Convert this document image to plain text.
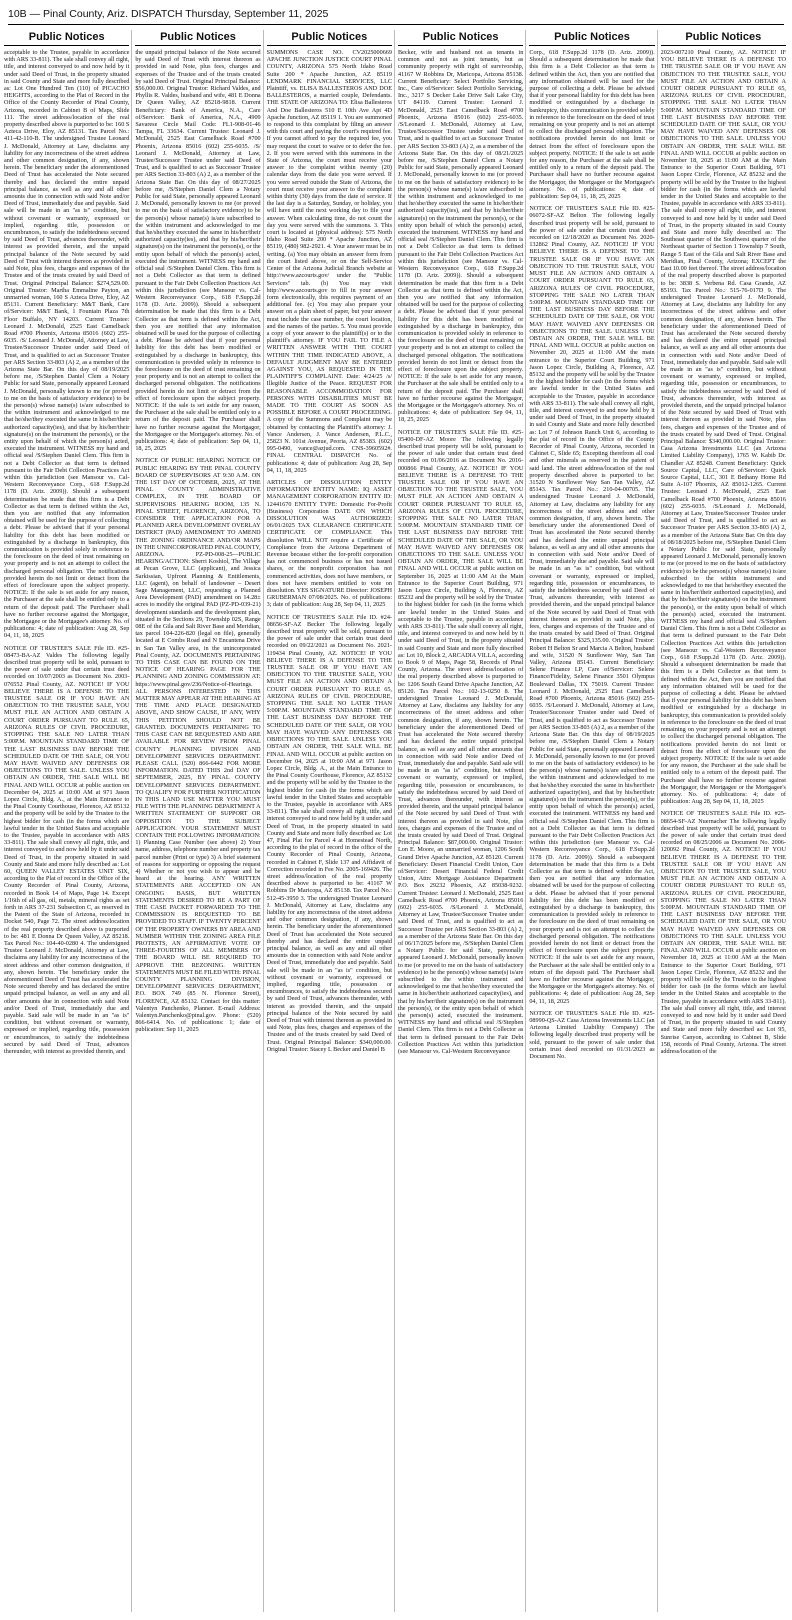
10B — Pinal County, Ariz. DISPATCH Thursday, September 11, 2025
Public Notices

acceptable to the Trustee, payable in accordance with ARS 33-811). The sale shall convey all right, title, and interest conveyed to and now held by it under said Deed of Trust, in the property situated in said County and State and more fully described as: Lot One Hundred Ten (110) of PICACHO HEIGHTS, according to the Plat of Record in the Office of the County Recorder of Pinal County, Arizona, recorded in Cabinet B of Maps, Slide 111. The street address/location of the real property described above is purported to be: 160 S Azteca Drive, Eloy, AZ 85131. Tax Parcel No.: 411-42-110-B. The undersigned Trustee Leonard J. McDonald, Attorney at Law, disclaims any liability for any incorrectness of the street address and other common designation, if any, shown herein. The beneficiary under the aforementioned Deed of Trust has accelerated the Note secured thereby and has declared the entire unpaid principal balance, as well as any and all other amounts due in connection with said Note and/or Deed of Trust, immediately due and payable. Said sale will be made in an "as is" condition, but without covenant or warranty, expressed or implied, regarding title, possession or encumbrances, to satisfy the indebtedness secured by said Deed of Trust, advances thereunder, with interest as provided therein, and the unpaid principal balance of the Note secured by said Deed of Trust with interest thereon as provided in said Note, plus fees, charges and expenses of the Trustee and of the trusts created by said Deed of Trust. Original Principal Balance: $274,529.00. Original Trustor: Martha Emmaline Payton, an unmarried woman, 160 S Azteca Drive, Eloy, AZ 85131. Current Beneficiary: M&T Bank, Care of/Servicer: M&T Bank, 1 Fountain Plaza 7th Floor Buffalo, NY 14203. Current Trustee: Leonard J. McDonald, 2525 East Camelback Road #700 Phoenix, Arizona 85016 (602) 255-6035. /S/ Leonard J. McDonald, Attorney at Law, Trustee/Successor Trustee under said Deed of Trust, and is qualified to act as Successor Trustee per ARS Section 33-803 (A) 2, as a member of the Arizona State Bar. On this day of 08/19/2025 before me, /S/Stephen Daniel Clem a Notary Public for said State, personally appeared Leonard J. McDonald, personally known to me (or proved to me on the basis of satisfactory evidence) to be the person(s) whose name(s) is/are subscribed to the within instrument and acknowledged to me that he/she/they executed the same in his/her/their authorized capacity(ies), and that by his/her/their signature(s) on the instrument the person(s), or the entity upon behalf of which the person(s) acted, executed the instrument. WITNESS my hand and official seal /S/Stephen Daniel Clem. This firm is not a Debt Collector as that term is defined pursuant to the Fair Debt Collection Practices Act within this jurisdiction (see Mansour vs. Cal-Western Reconveyance Corp., 618 F.Supp.2d 1178 (D. Ariz. 2009)). Should a subsequent determination be made that this firm is a Debt Collector as that term is defined within the Act, then you are notified that any information obtained will be used for the purpose of collecting a debt. Please be advised that if your personal liability for this debt has been modified or extinguished by a discharge in bankruptcy, this communication is provided solely in reference to the foreclosure on the deed of trust remaining on your property and is not an attempt to collect the discharged personal obligation. The notifications provided herein do not limit or detract from the effect of foreclosure upon the subject property. NOTICE: If the sale is set aside for any reason, the Purchaser at the sale shall be entitled only to a return of the deposit paid. The Purchaser shall have no further recourse against the Mortgagor, the Mortgagee or the Mortgagee's attorney. No. of publications: 4; date of publication: Aug 28, Sep 04, 11, 18, 2025

NOTICE OF TRUSTEE'S SALE File ID. #25-08473-BA-AZ Valdes The following legally described trust property will be sold, pursuant to the power of sale under that certain trust deed recorded on 10/07/2003 as Document No. 2003-076552 Pinal County, AZ. NOTICE! IF YOU BELIEVE THERE IS A DEFENSE TO THE TRUSTEE SALE OR IF YOU HAVE AN OBJECTION TO THE TRUSTEE SALE, YOU MUST FILE AN ACTION AND OBTAIN A COURT ORDER PURSUANT TO RULE 65, ARIZONA RULES OF CIVIL PROCEDURE, STOPPING THE SALE NO LATER THAN 5:00P.M. MOUNTAIN STANDARD TIME OF THE LAST BUSINESS DAY BEFORE THE SCHEDULED DATE OF THE SALE, OR YOU MAY HAVE WAIVED ANY DEFENSES OR OBJECTIONS TO THE SALE. UNLESS YOU OBTAIN AN ORDER, THE SALE WILL BE FINAL AND WILL OCCUR at public auction on December 04, 2025 at 10:00 AM at 971 Jason Lopez Circle, Bldg. A., at the Main Entrance to the Pinal County Courthouse, Florence, AZ 85132 and the property will be sold by the Trustee to the highest bidder for cash (in the forms which are lawful tender in the United States and acceptable to the Trustee, payable in accordance with ARS 33-811). The sale shall convey all right, title, and interest conveyed to and now held by it under said Deed of Trust, in the property situated in said County and State and more fully described as: Lot 60, QUEEN VALLEY ESTATES UNIT SIX, according to the Plat of record in the Office of the County Recorder of Pinal County, Arizona, recorded in Book 14 of Maps, Page 14. Except 1/16th of all gas, oil, metals, mineral rights as set forth in ARS 37-231 Subsection C, as reserved in the Patent of the State of Arizona, recorded in Docket 540, Page 72. The street address/location of the real property described above is purported to be: 481 E Donna Dr Queen Valley, AZ 85218. Tax Parcel No.: 104-40-0280 4. The undersigned Trustee Leonard J. McDonald, Attorney at Law, disclaims any liability for any incorrectness of the street address and other common designation, if any, shown herein. The beneficiary under the aforementioned Deed of Trust has accelerated the Note secured thereby and has declared the entire unpaid principal balance, as well as any and all other amounts due in connection with said Note and/or Deed of Trust, immediately due and payable. Said sale will be made in an "as is" condition, but without covenant or warranty, expressed or implied, regarding title, possession or encumbrances, to satisfy the indebtedness secured by said Deed of Trust, advances thereunder, with interest as provided therein, and

Public Notices

the unpaid principal balance of the Note secured by said Deed of Trust with interest thereon as provided in said Note, plus fees, charges and expenses of the Trustee and of the trusts created by said Deed of Trust. Original Principal Balance: $56,000.00. Original Trustor: Richard Valdes, and Phyllis R. Valdes, husband and wife, 481 E Donna Dr Queen Valley, AZ 85218-9818. Current Beneficiary: Bank of America, N.A., Care of/Servicer: Bank of America, N.A., 4909 Savarese Circle Mail Code: FL1-908-01-46 Tampa, FL 33634. Current Trustee: Leonard J. McDonald, 2525 East Camelback Road #700 Phoenix, Arizona 85016 (602) 255-6035. /S/ Leonard J. McDonald, Attorney at Law, Trustee/Successor Trustee under said Deed of Trust, and is qualified to act as Successor Trustee per ARS Section 33-803 (A) 2, as a member of the Arizona State Bar. On this day of 08/27/2025 before me, /S/Stephen Daniel Clem a Notary Public for said State, personally appeared Leonard J. McDonald, personally known to me (or proved to me on the basis of satisfactory evidence) to be the person(s) whose name(s) is/are subscribed to the within instrument and acknowledged to me that he/she/they executed the same in his/her/their authorized capacity(ies), and that by his/her/their signature(s) on the instrument the person(s), or the entity upon behalf of which the person(s) acted, executed the instrument. WITNESS my hand and official seal /S/Stephen Daniel Clem. This firm is not a Debt Collector as that term is defined pursuant to the Fair Debt Collection Practices Act within this jurisdiction (see Mansour vs. Cal-Western Reconveyance Corp., 618 F.Supp.2d 1178 (D. Ariz. 2009)). Should a subsequent determination be made that this firm is a Debt Collector as that term is defined within the Act, then you are notified that any information obtained will be used for the purpose of collecting a debt. Please be advised that if your personal liability for this debt has been modified or extinguished by a discharge in bankruptcy, this communication is provided solely in reference to the foreclosure on the deed of trust remaining on your property and is not an attempt to collect the discharged personal obligation. The notifications provided herein do not limit or detract from the effect of foreclosure upon the subject property. NOTICE: If the sale is set aside for any reason, the Purchaser at the sale shall be entitled only to a return of the deposit paid. The Purchaser shall have no further recourse against the Mortgagor, the Mortgagee or the Mortgagee's attorney. No. of publications: 4; date of publication: Sep 04, 11, 18, 25, 2025

NOTICE OF PUBLIC HEARING NOTICE OF PUBLIC HEARING BY THE PINAL COUNTY BOARD OF SUPERVISORS AT 9:30 A.M. ON THE 1ST DAY OF OCTOBER, 2025, AT THE PINAL COUNTY ADMINISTRATIVE COMPLEX, IN THE BOARD OF SUPERVISORS HEARING ROOM, 135 N. PINAL STREET, FLORENCE, ARIZONA, TO CONSIDER THE APPLICATION FOR A PLANNED AREA DEVELOPMENT OVERLAY DISTRICT (PAD) AMENDMENT TO AMEND THE ZONING ORDINANCE AND/OR MAPS IN THE UNINCORPORATED PINAL COUNTY, ARIZONA. PZ-PD-008-25—PUBLIC HEARING/ACTION: Sherri Koshiol, The Village at Pecan Grove, LLC (applicant), and Jessica Sarkissian, Upfront Planning & Entitlements, LLC (agent), on behalf of landowner – Desert Sage Management, LLC, requesting a Planned Area Development (PAD) amendment on 14.28± acres to modify the original PAD (PZ-PD-039-21) development standards and the development plan, situated in the Sections 29, Township 02S, Range 08E of the Gila and Salt River Base and Meridian, tax parcel 104-226-820 (legal on file), generally located at E Combs Road and N Encantena Drive in San Tan Valley area, in the unincorporated Pinal County, AZ. DOCUMENTS PERTAINING TO THIS CASE CAN BE FOUND ON THE NOTICE OF HEARING PAGE FOR THE PLANNING AND ZONING COMMISSION AT: https://www.pinal.gov/236/Notice-of-Hearings. ALL PERSONS INTERESTED IN THIS MATTER MAY APPEAR AT THE HEARING AT THE TIME AND PLACE DESIGNATED ABOVE, AND SHOW CAUSE, IF ANY, WHY THIS PETITION SHOULD NOT BE GRANTED. DOCUMENTS PERTAINING TO THIS CASE CAN BE REQUESTED AND ARE AVAILABLE FOR REVIEW FROM PINAL COUNTY PLANNING DIVISION AND DEVELOPMENT SERVICES DEPARTMENT. PLEASE CALL (520) 866-6442 FOR MORE INFORMATION. DATED THIS 2nd DAY OF SEPTEMBER, 2025, BY PINAL COUNTY DEVELOPMENT SERVICES DEPARTMENT. TO QUALIFY FOR FURTHER NOTIFICATION IN THIS LAND USE MATTER YOU MUST FILE WITH THE PLANNING DEPARTMENT A WRITTEN STATEMENT OF SUPPORT OR OPPOSITION TO THE SUBJECT APPLICATION. YOUR STATEMENT MUST CONTAIN THE FOLLOWING INFORMATION: 1) Planning Case Number (see above) 2) Your name, address, telephone number and property tax parcel number (Print or type) 3) A brief statement of reasons for supporting or opposing the request 4) Whether or not you wish to appear and be heard at the hearing. ANY WRITTEN STATEMENTS ARE ACCEPTED ON AN ONGOING BASIS, BUT WRITTEN STATEMENTS DESIRED TO BE A PART OF THE CASE PACKET FORWARDED TO THE COMMISSION IS REQUESTED TO BE PROVIDED TO STAFF. IF TWENTY PERCENT OF THE PROPERTY OWNERS BY AREA AND NUMBER WITHIN THE ZONING AREA FILE PROTESTS, AN AFFIRMATIVE VOTE OF THREE-FOURTHS OF ALL MEMBERS OF THE BOARD WILL BE REQUIRED TO APPROVE THE REZONING. WRITTEN STATEMENTS MUST BE FILED WITH: PINAL COUNTY PLANNING DIVISION, DEVELOPMENT SERVICES DEPARTMENT, P.O. BOX 749 (85 N. Florence Street), FLORENCE, AZ 85132. Contact for this matter: Valentyn Panchenko, Planner. E-mail Address: Valentyn.Panchenko@pinal.gov. Phone: (520) 866-6414. No. of publications: 1; date of publication: Sep 11, 2025

Public Notices

SUMMONS CASE NO. CV2025000669 APACHE JUNCTION JUSTICE COURT PINAL COUNTY, ARIZONA 575 North Idaho Road Suite 200 * Apache Junction, AZ 85119 LENDMARK FINANCIAL SERVICES, LLC Plaintiff, vs. ELISA BALLESTEROS AND DOE BALLESTEROS, a married couple, Defendants. THE STATE OF ARIZONA TO: Elisa Ballesteros And Doe Ballesteros 510 E 10th Ave Apt 4D Apache Junction, AZ 85119 1. You are summoned to respond to this complaint by filing an answer with this court and paying the court's required fee. If you cannot afford to pay the required fee, you may request the court to waive or to defer the fee. 2. If you were served with this summons in the State of Arizona, the court must receive your answer to the complaint within twenty (20) calendar days from the date you were served. If you were served outside the State of Arizona, the court must receive your answer to the complaint within thirty (30) days from the date of service. If the last day is a Saturday, Sunday, or holiday, you will have until the next working day to file your answer. When calculating time, do not count the day you were served with the summons. 3. This court is located at (physical address): 575 North Idaho Road Suite 200 * Apache Junction, AZ 85119, (480) 982-2921. 4. Your answer must be in writing. (a) You may obtain an answer form from the court listed above, or on the Self-Service Center of the Arizona Judicial Branch website at http://www.azcourts.gov/ under the "Public Services" tab. (b) You may visit http://www.azcourts.gov to fill in your answer form electronically, this requires payment of an additional fee. (c) You may also prepare your answer on a plain sheet of paper, but your answer must include the case number, the court location, and the names of the parties. 5. You must provide a copy of your answer to the plaintiff(s) or to the plaintiff's attorney. IF YOU FAIL TO FILE A WRITTEN ANSWER WITH THE COURT WITHIN THE TIME INDICATED ABOVE, A DEFAULT JUDGMENT MAY BE ENTERED AGAINST YOU, AS REQUESTED IN THE PLAINTIFF'S COMPLAINT. Date: 4/24/25 /s/ Illegible Justice of the Peace. REQUEST FOR REASONABLE ACCOMMODATION FOR PERSONS WITH DISABILITIES MUST BE MADE TO THE COURT AS SOON AS POSSIBLE BEFORE A COURT PROCEEDING. A copy of the Summons and Complaint may be obtained by contacting the Plaintiff's attorney: J. Vance Andersen, J. Vance Andersen, P.L.C., 25823 N. 101st Avenue, Peoria, AZ 85383. (602) 995-0490, vance@azjud.com. CNS-3960592#. FINAL CENTRAL DISPATCH No. of publications: 4; date of publication: Aug 28, Sep 04, 11, 18, 2025

ARTICLES OF DISSOLUTION ENTITY INFORMATION ENTITY NAME: IQ ASSET MANAGEMENT CORPORATION ENTITY ID: 12441670 ENTITY TYPE: Domestic For-Profit (Business) Corporation DATE ON WHICH DISSOLUTION WAS AUTHORIZED: 06/01/2025 TAX CLEARANCE CERTIFICATE CERTIFICATE OF COMPLIANCE This dissolution WILL NOT require a Certificate of Compliance from the Arizona Department of Revenue because either the for-profit corporation has not commenced business or has not issued shares, or the nonprofit corporation has not commenced activities, does not have members, or does not have members entitled to vote on dissolution. YES SIGNATURE Director: JOSEPH GRUBERMAN 07/08/2025. No. of publications: 3; date of publication: Aug 28, Sep 04, 11, 2025

NOTICE OF TRUSTEE'S SALE File ID. #24-08656-SF-AZ Becker The following legally described trust property will be sold, pursuant to the power of sale under that certain trust deed recorded on 09/22/2021 as Document No. 2021-119434 Pinal County, AZ. NOTICE! IF YOU BELIEVE THERE IS A DEFENSE TO THE TRUSTEE SALE OR IF YOU HAVE AN OBJECTION TO THE TRUSTEE SALE, YOU MUST FILE AN ACTION AND OBTAIN A COURT ORDER PURSUANT TO RULE 65, ARIZONA RULES OF CIVIL PROCEDURE, STOPPING THE SALE NO LATER THAN 5:00P.M. MOUNTAIN STANDARD TIME OF THE LAST BUSINESS DAY BEFORE THE SCHEDULED DATE OF THE SALE, OR YOU MAY HAVE WAIVED ANY DEFENSES OR OBJECTIONS TO THE SALE. UNLESS YOU OBTAIN AN ORDER, THE SALE WILL BE FINAL AND WILL OCCUR at public auction on December 04, 2025 at 10:00 AM at 971 Jason Lopez Circle, Bldg. A., at the Main Entrance to the Pinal County Courthouse, Florence, AZ 85132 and the property will be sold by the Trustee to the highest bidder for cash (in the forms which are lawful tender in the United States and acceptable to the Trustee, payable in accordance with ARS 33-811). The sale shall convey all right, title, and interest conveyed to and now held by it under said Deed of Trust, in the property situated in said County and State and more fully described as: Lot 47, Final Plat for Parcel 4 at Homestead North, according to the plat of record in the office of the County Recorder of Pinal County, Arizona, recorded in Cabinet F, Slide 137 and Affidavit of Correction recorded in Fee No. 2005-169426. The street address/location of the real property described above is purported to be: 41167 W Robbins Dr Maricopa, AZ 85138. Tax Parcel No.: 512-45-3950 3. The undersigned Trustee Leonard J. McDonald, Attorney at Law, disclaims any liability for any incorrectness of the street address and other common designation, if any, shown herein. The beneficiary under the aforementioned Deed of Trust has accelerated the Note secured thereby and has declared the entire unpaid principal balance, as well as any and all other amounts due in connection with said Note and/or Deed of Trust, immediately due and payable. Said sale will be made in an "as is" condition, but without covenant or warranty, expressed or implied, regarding title, possession or encumbrances, to satisfy the indebtedness secured by said Deed of Trust, advances thereunder, with interest as provided therein, and the unpaid principal balance of the Note secured by said Deed of Trust with interest thereon as provided in said Note, plus fees, charges and expenses of the Trustee and of the trusts created by said Deed of Trust. Original Principal Balance: $340,000.00. Original Trustor: Stacey L Becker and Daniel B

Public Notices

Becker, wife and husband not as tenants in common and not as joint tenants, but as community property with right of survivorship, 41167 W Robbins Dr, Maricopa, Arizona 85138. Current Beneficiary: Select Portfolio Servicing, Inc., Care of/Servicer: Select Portfolio Servicing, Inc., 3217 S Decker Lake Drive Salt Lake City, UT 84119. Current Trustee: Leonard J. McDonald, 2525 East Camelback Road #700 Phoenix, Arizona 85016 (602) 255-6035. /S/Leonard J. McDonald, Attorney at Law, Trustee/Successor Trustee under said Deed of Trust, and is qualified to act as Successor Trustee per ARS Section 33-803 (A) 2, as a member of the Arizona State Bar. On this day of 08/21/2025 before me, /S/Stephen Daniel Clem a Notary Public for said State, personally appeared Leonard J. McDonald, personally known to me (or proved to me on the basis of satisfactory evidence) to be the person(s) whose name(s) is/are subscribed to the within instrument and acknowledged to me that he/she/they executed the same in his/her/their authorized capacity(ies), and that by his/her/their signature(s) on the instrument the person(s), or the entity upon behalf of which the person(s) acted, executed the instrument. WITNESS my hand and official seal /S/Stephen Daniel Clem. This firm is not a Debt Collector as that term is defined pursuant to the Fair Debt Collection Practices Act within this jurisdiction (see Mansour vs. Cal-Western Reconveyance Corp., 618 F.Supp.2d 1178 (D. Ariz. 2009)). Should a subsequent determination be made that this firm is a Debt Collector as that term is defined within the Act, then you are notified that any information obtained will be used for the purpose of collecting a debt. Please be advised that if your personal liability for this debt has been modified or extinguished by a discharge in bankruptcy, this communication is provided solely in reference to the foreclosure on the deed of trust remaining on your property and is not an attempt to collect the discharged personal obligation. The notifications provided herein do not limit or detract from the effect of foreclosure upon the subject property. NOTICE: If the sale is set aside for any reason, the Purchaser at the sale shall be entitled only to a return of the deposit paid. The Purchaser shall have no further recourse against the Mortgagor, the Mortgagee or the Mortgagee's attorney. No. of publications: 4; date of publication: Sep 04, 11, 18, 25, 2025

NOTICE OF TRUSTEE'S SALE File ID. #25-05400-DF-AZ Moore The following legally described trust property will be sold, pursuant to the power of sale under that certain trust deed recorded on 01/06/2016 as Document No. 2016-000866 Pinal County, AZ. NOTICE! IF YOU BELIEVE THERE IS A DEFENSE TO THE TRUSTEE SALE OR IF YOU HAVE AN OBJECTION TO THE TRUSTEE SALE, YOU MUST FILE AN ACTION AND OBTAIN A COURT ORDER PURSUANT TO RULE 65, ARIZONA RULES OF CIVIL PROCEDURE, STOPPING THE SALE NO LATER THAN 5:00P.M. MOUNTAIN STANDARD TIME OF THE LAST BUSINESS DAY BEFORE THE SCHEDULED DATE OF THE SALE, OR YOU MAY HAVE WAIVED ANY DEFENSES OR OBJECTIONS TO THE SALE. UNLESS YOU OBTAIN AN ORDER, THE SALE WILL BE FINAL AND WILL OCCUR at public auction on September 16, 2025 at 11:00 AM At the Main Entrance to the Superior Court Building, 971 Jason Lopez Circle, Building A, Florence, AZ 85232 and the property will be sold by the Trustee to the highest bidder for cash (in the forms which are lawful tender in the United States and acceptable to the Trustee, payable in accordance with ARS 33-811). The sale shall convey all right, title, and interest conveyed to and now held by it under said Deed of Trust, in the property situated in said County and State and more fully described as: Lot 10, Block 2, ARCADIA VILLA, according to Book 9 of Maps, Page 58, Records of Pinal County, Arizona. The street address/location of the real property described above is purported to be: 1206 South Grand Drive Apache Junction, AZ 85120. Tax Parcel No.: 102-13-0250 8. The undersigned Trustee Leonard J. McDonald, Attorney at Law, disclaims any liability for any incorrectness of the street address and other common designation, if any, shown herein. The beneficiary under the aforementioned Deed of Trust has accelerated the Note secured thereby and has declared the entire unpaid principal balance, as well as any and all other amounts due in connection with said Note and/or Deed of Trust, immediately due and payable. Said sale will be made in an "as is" condition, but without covenant or warranty, expressed or implied, regarding title, possession or encumbrances, to satisfy the indebtedness secured by said Deed of Trust, advances thereunder, with interest as provided therein, and the unpaid principal balance of the Note secured by said Deed of Trust with interest thereon as provided in said Note, plus fees, charges and expenses of the Trustee and of the trusts created by said Deed of Trust. Original Principal Balance: $87,000.00. Original Trustor: Lon E. Moore, an unmarried woman, 1206 South Grand Drive Apache Junction, AZ 85120. Current Beneficiary: Desert Financial Credit Union, Care of/Servicer: Desert Financial Federal Credit Union, Attn: Mortgage Assistance Department P.O. Box 29232 Phoenix, AZ 85038-9232. Current Trustee: Leonard J. McDonald, 2525 East Camelback Road #700 Phoenix, Arizona 85016 (602) 255-6035. /S/Leonard J. McDonald, Attorney at Law, Trustee/Successor Trustee under said Deed of Trust, and is qualified to act as Successor Trustee per ARS Section 33-803 (A) 2, as a member of the Arizona State Bar. On this day of 06/17/2025 before me, /S/Stephen Daniel Clem a Notary Public for said State, personally appeared Leonard J. McDonald, personally known to me (or proved to me on the basis of satisfactory evidence) to be the person(s) whose name(s) is/are subscribed to the within instrument and acknowledged to me that he/she/they executed the same in his/her/their authorized capacity(ies), and that by his/her/their signature(s) on the instrument the person(s), or the entity upon behalf of which the person(s) acted, executed the instrument. WITNESS my hand and official seal /S/Stephen Daniel Clem. This firm is not a Debt Collector as that term is defined pursuant to the Fair Debt Collection Practices Act within this jurisdiction (see Mansour vs. Cal-Western Reconveyance

Public Notices

Corp., 618 F.Supp.2d 1178 (D. Ariz. 2009)). Should a subsequent determination be made that this firm is a Debt Collector as that term is defined within the Act, then you are notified that any information obtained will be used for the purpose of collecting a debt. Please be advised that if your personal liability for this debt has been modified or extinguished by a discharge in bankruptcy, this communication is provided solely in reference to the foreclosure on the deed of trust remaining on your property and is not an attempt to collect the discharged personal obligation. The notifications provided herein do not limit or detract from the effect of foreclosure upon the subject property. NOTICE: If the sale is set aside for any reason, the Purchaser at the sale shall be entitled only to a return of the deposit paid. The Purchaser shall have no further recourse against the Mortgagor, the Mortgagee or the Mortgagee's attorney. No. of publications: 4; date of publication: Sep 04, 11, 18, 25, 2025

NOTICE OF TRUSTEE'S SALE File ID. #25-06072-SF-AZ Belton The following legally described trust property will be sold, pursuant to the power of sale under that certain trust deed recorded on 12/18/2020 as Document No. 2020-132862 Pinal County, AZ. NOTICE! IF YOU BELIEVE THERE IS A DEFENSE TO THE TRUSTEE SALE OR IF YOU HAVE AN OBJECTION TO THE TRUSTEE SALE, YOU MUST FILE AN ACTION AND OBTAIN A COURT ORDER PURSUANT TO RULE 65, ARIZONA RULES OF CIVIL PROCEDURE, STOPPING THE SALE NO LATER THAN 5:00P.M. MOUNTAIN STANDARD TIME OF THE LAST BUSINESS DAY BEFORE THE SCHEDULED DATE OF THE SALE, OR YOU MAY HAVE WAIVED ANY DEFENSES OR OBJECTIONS TO THE SALE. UNLESS YOU OBTAIN AN ORDER, THE SALE WILL BE FINAL AND WILL OCCUR at public auction on November 20, 2025 at 11:00 AM the main entrance to the Superior Court Building, 971 Jason Lopez Circle, Building A, Florence, AZ 85132 and the property will be sold by the Trustee to the highest bidder for cash (in the forms which are lawful tender in the United States and acceptable to the Trustee, payable in accordance with ARS 33-811). The sale shall convey all right, title, and interest conveyed to and now held by it under said Deed of Trust, in the property situated in said County and State and more fully described as: Lot 7 of Johnson Ranch Unit 6, according to the plat of record in the Office of the County Recorder of Pinal County, Arizona, recorded in Cabinet C, Slide 65; Excepting therefrom all coal and other minerals as reserved in the patent of said land. The street address/location of the real property described above is purported to be: 31520 N Sunflower Way San Tan Valley, AZ 85143. Tax Parcel No.: 210-04-00705. The undersigned Trustee Leonard J. McDonald, Attorney at Law, disclaims any liability for any incorrectness of the street address and other common designation, if any, shown herein. The beneficiary under the aforementioned Deed of Trust has accelerated the Note secured thereby and has declared the entire unpaid principal balance, as well as any and all other amounts due in connection with said Note and/or Deed of Trust, immediately due and payable. Said sale will be made in an "as is" condition, but without covenant or warranty, expressed or implied, regarding title, possession or encumbrances, to satisfy the indebtedness secured by said Deed of Trust, advances thereunder, with interest as provided therein, and the unpaid principal balance of the Note secured by said Deed of Trust with interest thereon as provided in said Note, plus fees, charges and expenses of the Trustee and of the trusts created by said Deed of Trust. Original Principal Balance: $325,135.00. Original Trustor: Robert H Belton Sr and Marcia A Belton, husband and wife, 31520 N Sunflower Way, San Tan Valley, Arizona 85143. Current Beneficiary: Selene Finance LP, Care of/Servicer: Selene Finance/Fidelity, Selene Finance 3501 Olympus Boulevard Dallas, TX 75019. Current Trustee: Leonard J. McDonald, 2525 East Camelback Road #700 Phoenix, Arizona 85016 (602) 255-6035. /S/Leonard J. McDonald, Attorney at Law, Trustee/Successor Trustee under said Deed of Trust, and is qualified to act as Successor Trustee per ARS Section 33-803 (A) 2, as a member of the Arizona State Bar. On this day of 08/19/2025 before me, /S/Stephen Daniel Clem a Notary Public for said State, personally appeared Leonard J. McDonald, personally known to me (or proved to me on the basis of satisfactory evidence) to be the person(s) whose name(s) is/are subscribed to the within instrument and acknowledged to me that he/she/they executed the same in his/her/their authorized capacity(ies), and that by his/her/their signature(s) on the instrument the person(s), or the entity upon behalf of which the person(s) acted, executed the instrument. WITNESS my hand and official seal /S/Stephen Daniel Clem. This firm is not a Debt Collector as that term is defined pursuant to the Fair Debt Collection Practices Act within this jurisdiction (see Mansour vs. Cal-Western Reconveyance Corp., 618 F.Supp.2d 1178 (D. Ariz. 2009)). Should a subsequent determination be made that this firm is a Debt Collector as that term is defined within the Act, then you are notified that any information obtained will be used for the purpose of collecting a debt. Please be advised that if your personal liability for this debt has been modified or extinguished by a discharge in bankruptcy, this communication is provided solely in reference to the foreclosure on the deed of trust remaining on your property and is not an attempt to collect the discharged personal obligation. The notifications provided herein do not limit or detract from the effect of foreclosure upon the subject property. NOTICE: If the sale is set aside for any reason, the Purchaser at the sale shall be entitled only to a return of the deposit paid. The Purchaser shall have no further recourse against the Mortgagor, the Mortgagee or the Mortgagee's attorney. No. of publications: 4; date of publication: Aug 28, Sep 04, 11, 18, 2025

NOTICE OF TRUSTEE'S SALE File ID. #25-08990-QS-AZ Casa Arizona Investments LLC (an Arizona Limited Liability Company) The following legally described trust property will be sold, pursuant to the power of sale under that certain trust deed recorded on 01/31/2023 as Document No.

Public Notices

2023-007210 Pinal County, AZ. NOTICE! IF YOU BELIEVE THERE IS A DEFENSE TO THE TRUSTEE SALE OR IF YOU HAVE AN OBJECTION TO THE TRUSTEE SALE, YOU MUST FILE AN ACTION AND OBTAIN A COURT ORDER PURSUANT TO RULE 65, ARIZONA RULES OF CIVIL PROCEDURE, STOPPING THE SALE NO LATER THAN 5:00P.M. MOUNTAIN STANDARD TIME OF THE LAST BUSINESS DAY BEFORE THE SCHEDULED DATE OF THE SALE, OR YOU MAY HAVE WAIVED ANY DEFENSES OR OBJECTIONS TO THE SALE. UNLESS YOU OBTAIN AN ORDER, THE SALE WILL BE FINAL AND WILL OCCUR at public auction on November 18, 2025 at 11:00 AM at the Main Entrance to the Superior Court Building, 971 Jason Lopez Circle, Florence, AZ 85232 and the property will be sold by the Trustee to the highest bidder for cash (in the forms which are lawful tender in the United States and acceptable to the Trustee, payable in accordance with ARS 33-811). The sale shall convey all right, title, and interest conveyed to and now held by it under said Deed of Trust, in the property situated in said County and State and more fully described as: The Southeast quarter of the Southwest quarter of the Northeast quarter of Section 1 Township 7 South, Range 5 East of the Gila and Salt River Base and Meridian, Pinal County, Arizona; EXCEPT the East 10.00 feet thereof. The street address/location of the real property described above is purported to be: 3838 S. Verbena Rd. Casa Grande, AZ 85193. Tax Parcel No.: 515-76-017D 9. The undersigned Trustee Leonard J. McDonald, Attorney at Law, disclaims any liability for any incorrectness of the street address and other common designation, if any, shown herein. The beneficiary under the aforementioned Deed of Trust has accelerated the Note secured thereby and has declared the entire unpaid principal balance, as well as any and all other amounts due in connection with said Note and/or Deed of Trust, immediately due and payable. Said sale will be made in an "as is" condition, but without covenant or warranty, expressed or implied, regarding title, possession or encumbrances, to satisfy the indebtedness secured by said Deed of Trust, advances thereunder, with interest as provided therein, and the unpaid principal balance of the Note secured by said Deed of Trust with interest thereon as provided in said Note, plus fees, charges and expenses of the Trustee and of the trusts created by said Deed of Trust. Original Principal Balance: $340,000.00. Original Trustor: Casa Arizona Investments LLC (an Arizona Limited Liability Company), 1765 W. Kabib Dr. Chandler AZ 85248. Current Beneficiary: Quick Source Capital, LLC, Care of/Servicer: Quick Source Capital, LLC, 301 E Bethany Home Rd Suite A-107 Phoenix, AZ 85012-1265. Current Trustee: Leonard J. McDonald, 2525 East Camelback Road #700 Phoenix, Arizona 85016 (602) 255-6035. /S/Leonard J. McDonald, Attorney at Law, Trustee/Successor Trustee under said Deed of Trust, and is qualified to act as Successor Trustee per ARS Section 33-803 (A) 2, as a member of the Arizona State Bar. On this day of 08/18/2025 before me, /S/Stephen Daniel Clem a Notary Public for said State, personally appeared Leonard J. McDonald, personally known to me (or proved to me on the basis of satisfactory evidence) to be the person(s) whose name(s) is/are subscribed to the within instrument and acknowledged to me that he/she/they executed the same in his/her/their authorized capacity(ies), and that by his/her/their signature(s) on the instrument the person(s), or the entity upon behalf of which the person(s) acted, executed the instrument. WITNESS my hand and official seal /S/Stephen Daniel Clem. This firm is not a Debt Collector as that term is defined pursuant to the Fair Debt Collection Practices Act within this jurisdiction (see Mansour vs. Cal-Western Reconveyance Corp., 618 F.Supp.2d 1178 (D. Ariz. 2009)). Should a subsequent determination be made that this firm is a Debt Collector as that term is defined within the Act, then you are notified that any information obtained will be used for the purpose of collecting a debt. Please be advised that if your personal liability for this debt has been modified or extinguished by a discharge in bankruptcy, this communication is provided solely in reference to the foreclosure on the deed of trust remaining on your property and is not an attempt to collect the discharged personal obligation. The notifications provided herein do not limit or detract from the effect of foreclosure upon the subject property. NOTICE: If the sale is set aside for any reason, the Purchaser at the sale shall be entitled only to a return of the deposit paid. The Purchaser shall have no further recourse against the Mortgagor, the Mortgagee or the Mortgagee's attorney. No. of publications: 4; date of publication: Aug 28, Sep 04, 11, 18, 2025

NOTICE OF TRUSTEE'S SALE File ID. #25-08654-SF-AZ Nuernacher The following legally described trust property will be sold, pursuant to the power of sale under that certain trust deed recorded on 08/25/2006 as Document No. 2006-120092 Pinal County, AZ. NOTICE! IF YOU BELIEVE THERE IS A DEFENSE TO THE TRUSTEE SALE OR IF YOU HAVE AN OBJECTION TO THE TRUSTEE SALE, YOU MUST FILE AN ACTION AND OBTAIN A COURT ORDER PURSUANT TO RULE 65, ARIZONA RULES OF CIVIL PROCEDURE, STOPPING THE SALE NO LATER THAN 5:00P.M. MOUNTAIN STANDARD TIME OF THE LAST BUSINESS DAY BEFORE THE SCHEDULED DATE OF THE SALE, OR YOU MAY HAVE WAIVED ANY DEFENSES OR OBJECTIONS TO THE SALE. UNLESS YOU OBTAIN AN ORDER, THE SALE WILL BE FINAL AND WILL OCCUR at public auction on November 18, 2025 at 11:00 AM at the Main Entrance to the Superior Court Building, 971 Jason Lopez Circle, Florence, AZ 85232 and the property will be sold by the Trustee to the highest bidder for cash (in the forms which are lawful tender in the United States and acceptable to the Trustee, payable in accordance with ARS 33-811). The sale shall convey all right, title, and interest conveyed to and now held by it under said Deed of Trust, in the property situated in said County and State and more fully described as: Lot 95, Sunrise Canyon, according to Cabinet B, Slide 158, records of Pinal County, Arizona. The street address/location of the
